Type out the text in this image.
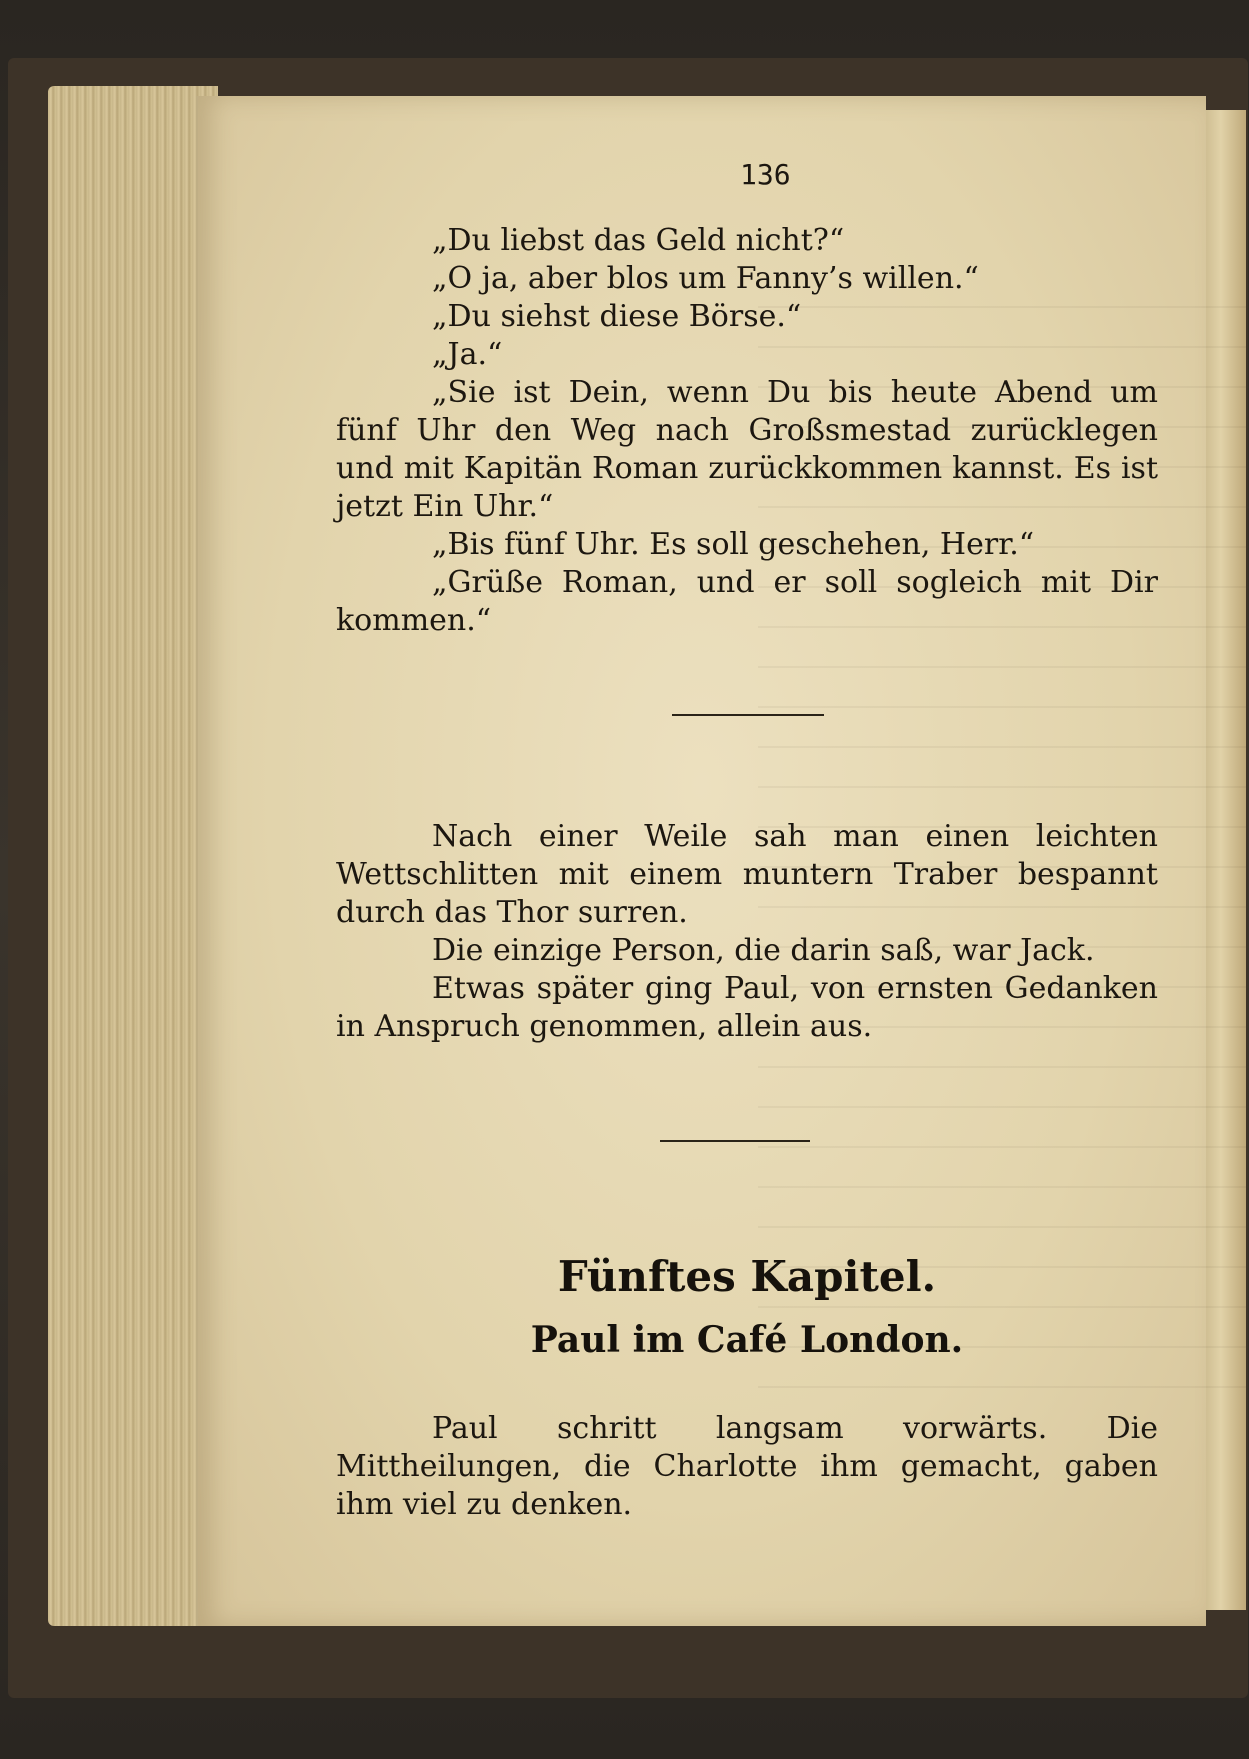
136

„Du liebst das Geld nicht?“

„O ja, aber blos um Fanny’s willen.“

„Du siehst diese Börse.“

„Ja.“

„Sie ist Dein, wenn Du bis heute Abend um fünf Uhr den Weg nach Großsmestad zurücklegen und mit Kapitän Roman zurückkommen kannst. Es ist jetzt Ein Uhr.“

„Bis fünf Uhr. Es soll geschehen, Herr.“

„Grüße Roman, und er soll sogleich mit Dir kommen.“

Nach einer Weile sah man einen leichten Wettschlitten mit einem muntern Traber bespannt durch das Thor surren.

Die einzige Person, die darin saß, war Jack.

Etwas später ging Paul, von ernsten Gedanken in Anspruch genommen, allein aus.

Fünftes Kapitel.
Paul im Café London.

Paul schritt langsam vorwärts. Die Mittheilungen, die Charlotte ihm gemacht, gaben ihm viel zu denken.
